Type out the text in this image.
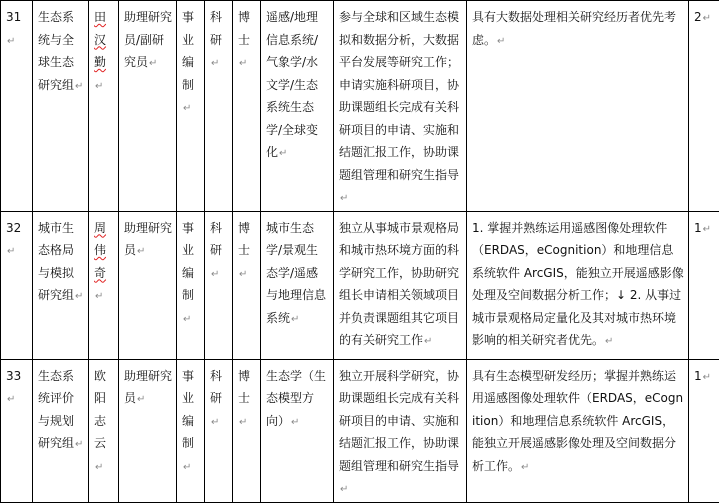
31↵	生态系统与全球生态研究组↵	田汉勤↵	助理研究员/副研究员↵	事业编制↵	科研↵	博士↵	遥感/地理信息系统/气象学/水文学/生态系统生态学/全球变化↵	参与全球和区域生态模拟和数据分析，大数据平台发展等研究工作；申请实施科研项目，协助课题组长完成有关科研项目的申请、实施和结题汇报工作，协助课题组管理和研究生指导↵	具有大数据处理相关研究经历者优先考虑。↵	2↵
32↵	城市生态格局与模拟研究组↵	周伟奇↵	助理研究员↵	事业编制↵	科研↵	博士↵	城市生态学/景观生态学/遥感与地理信息系统↵	独立从事城市景观格局和城市热环境方面的科学研究工作，协助研究组长申请相关领域项目并负责课题组其它项目的有关研究工作↵	1. 掌握并熟练运用遥感图像处理软件（ERDAS，eCognition）和地理信息系统软件 ArcGIS，能独立开展遥感影像处理及空间数据分析工作；↓ 2. 从事过城市景观格局定量化及其对城市热环境影响的相关研究者优先。↵	1↵
33↵	生态系统评价与规划研究组↵	欧阳志云↵	助理研究员↵	事业编制↵	科研↵	博士↵	生态学（生态模型方向）↵	独立开展科学研究，协助课题组长完成有关科研项目的申请、实施和结题汇报工作，协助课题组管理和研究生指导↵	具有生态模型研发经历；掌握并熟练运用遥感图像处理软件（ERDAS，eCognition）和地理信息系统软件 ArcGIS，能独立开展遥感影像处理及空间数据分析工作。↵	1↵
